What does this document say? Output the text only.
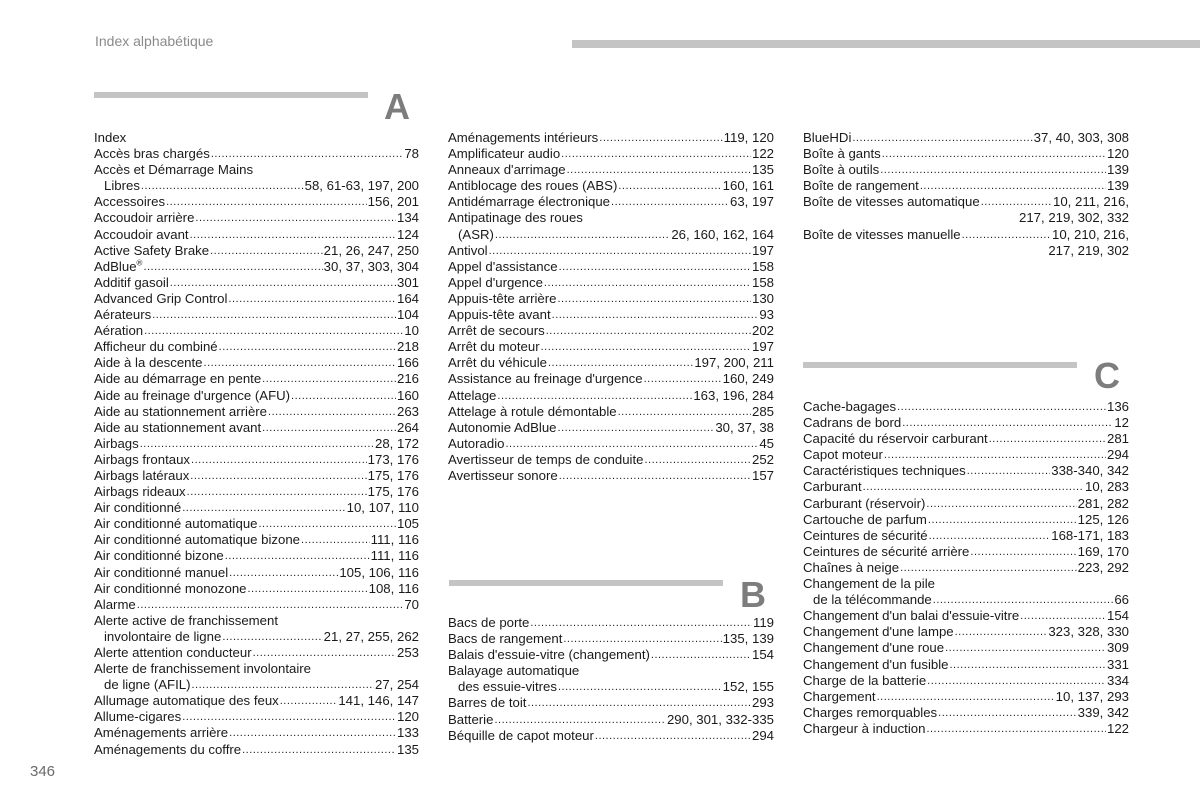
Index alphabétique
A
B
C
Index
Accès bras chargés .....	78
Accès et Démarrage Mains
Libres .....	58, 61-63, 197, 200
Accessoires .....	156, 201
Accoudoir arrière .....	134
Accoudoir avant .....	124
Active Safety Brake .....	21, 26, 247, 250
AdBlue® .....	30, 37, 303, 304
Additif gasoil .....	301
Advanced Grip Control .....	164
Aérateurs .....	104
Aération .....	10
Afficheur du combiné .....	218
Aide à la descente .....	166
Aide au démarrage en pente .....	216
Aide au freinage d'urgence (AFU) .....	160
Aide au stationnement arrière .....	263
Aide au stationnement avant .....	264
Airbags .....	28, 172
Airbags frontaux .....	173, 176
Airbags latéraux .....	175, 176
Airbags rideaux .....	175, 176
Air conditionné .....	10, 107, 110
Air conditionné automatique .....	105
Air conditionné automatique bizone .....	111, 116
Air conditionné bizone .....	111, 116
Air conditionné manuel .....	105, 106, 116
Air conditionné monozone .....	108, 116
Alarme .....	70
Alerte active de franchissement
involontaire de ligne .....	21, 27, 255, 262
Alerte attention conducteur .....	253
Alerte de franchissement involontaire
de ligne (AFIL) .....	27, 254
Allumage automatique des feux .....	141, 146, 147
Allume-cigares .....	120
Aménagements arrière .....	133
Aménagements du coffre .....	135
Aménagements intérieurs .....	119, 120
Amplificateur audio .....	122
Anneaux d'arrimage .....	135
Antiblocage des roues (ABS) .....	160, 161
Antidémarrage électronique .....	63, 197
Antipatinage des roues
(ASR) .....	26, 160, 162, 164
Antivol .....	197
Appel d'assistance .....	158
Appel d'urgence .....	158
Appuis-tête arrière .....	130
Appuis-tête avant .....	93
Arrêt de secours .....	202
Arrêt du moteur .....	197
Arrêt du véhicule .....	197, 200, 211
Assistance au freinage d'urgence .....	160, 249
Attelage .....	163, 196, 284
Attelage à rotule démontable .....	285
Autonomie AdBlue .....	30, 37, 38
Autoradio .....	45
Avertisseur de temps de conduite .....	252
Avertisseur sonore .....	157
Bacs de porte .....	119
Bacs de rangement .....	135, 139
Balais d'essuie-vitre (changement) .....	154
Balayage automatique
des essuie-vitres .....	152, 155
Barres de toit .....	293
Batterie .....	290, 301, 332-335
Béquille de capot moteur .....	294
BlueHDi .....	37, 40, 303, 308
Boîte à gants .....	120
Boîte à outils .....	139
Boîte de rangement .....	139
Boîte de vitesses automatique .....	10, 211, 216,
217, 219, 302, 332
Boîte de vitesses manuelle .....	10, 210, 216,
217, 219, 302
Cache-bagages .....	136
Cadrans de bord .....	12
Capacité du réservoir carburant .....	281
Capot moteur .....	294
Caractéristiques techniques .....	338-340, 342
Carburant .....	10, 283
Carburant (réservoir) .....	281, 282
Cartouche de parfum .....	125, 126
Ceintures de sécurité .....	168-171, 183
Ceintures de sécurité arrière .....	169, 170
Chaînes à neige .....	223, 292
Changement de la pile
de la télécommande .....	66
Changement d'un balai d'essuie-vitre .....	154
Changement d'une lampe .....	323, 328, 330
Changement d'une roue .....	309
Changement d'un fusible .....	331
Charge de la batterie .....	334
Chargement .....	10, 137, 293
Charges remorquables .....	339, 342
Chargeur à induction .....	122
346
